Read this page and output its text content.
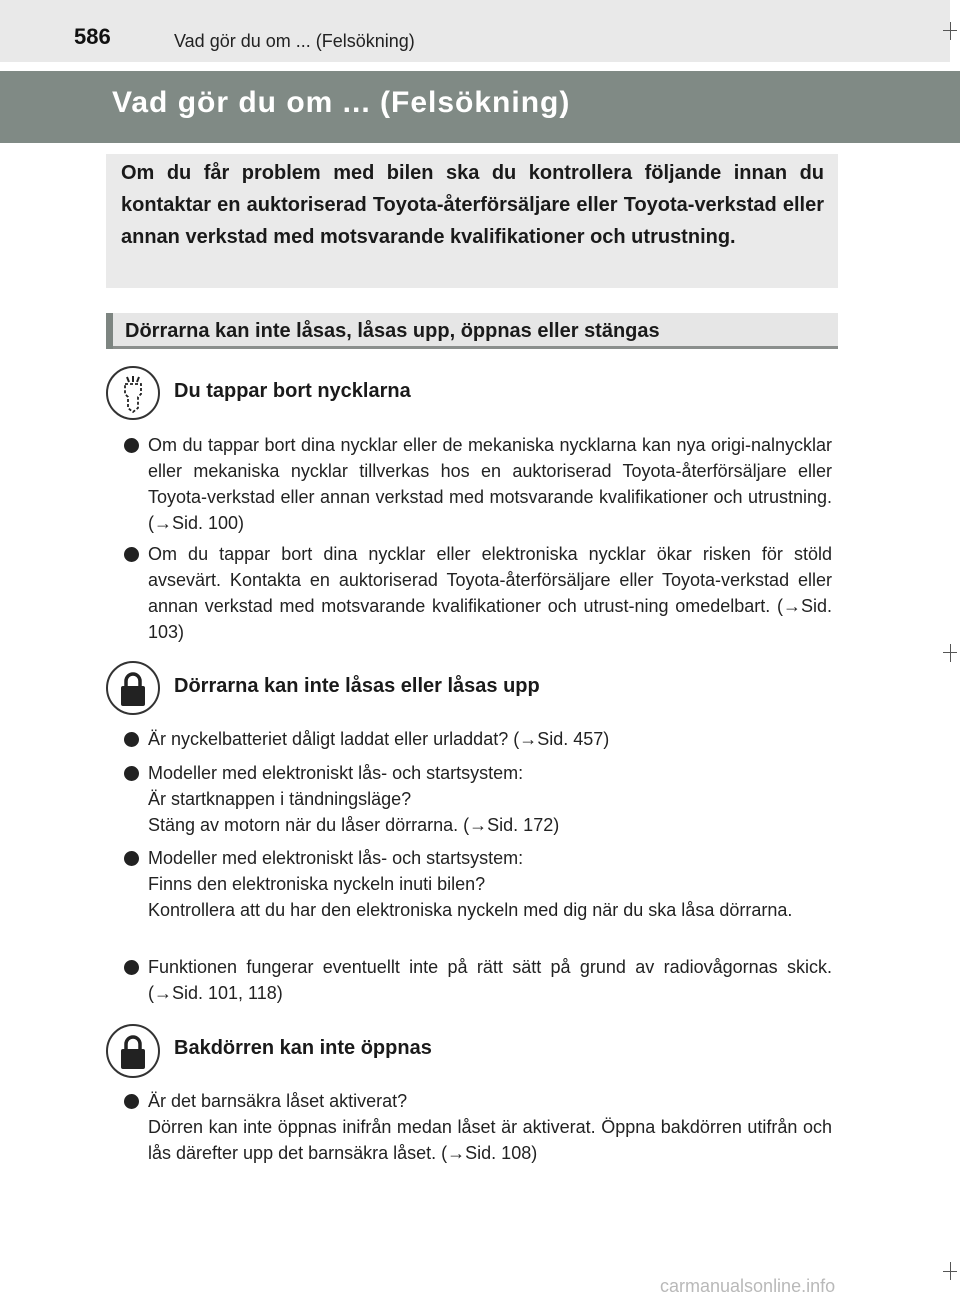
586	Vad gör du om ... (Felsökning)
Vad gör du om ... (Felsökning)

Om du får problem med bilen ska du kontrollera följande innan du kontaktar en auktoriserad Toyota-återförsäljare eller Toyota-verkstad eller annan verkstad med motsvarande kvalifikationer och utrustning.

Dörrarna kan inte låsas, låsas upp, öppnas eller stängas
Du tappar bort nycklarna
Om du tappar bort dina nycklar eller de mekaniska nycklarna kan nya origi-nalnycklar eller mekaniska nycklar tillverkas hos en auktoriserad Toyota-återförsäljare eller Toyota-verkstad eller annan verkstad med motsvarande kvalifikationer och utrustning. (→Sid. 100)
Om du tappar bort dina nycklar eller elektroniska nycklar ökar risken för stöld avsevärt. Kontakta en auktoriserad Toyota-återförsäljare eller Toyota-verkstad eller annan verkstad med motsvarande kvalifikationer och utrust-ning omedelbart. (→Sid. 103)
Dörrarna kan inte låsas eller låsas upp
Är nyckelbatteriet dåligt laddat eller urladdat? (→Sid. 457)
Modeller med elektroniskt lås- och startsystem:
Är startknappen i tändningsläge?
Stäng av motorn när du låser dörrarna. (→Sid. 172)
Modeller med elektroniskt lås- och startsystem:
Finns den elektroniska nyckeln inuti bilen?
Kontrollera att du har den elektroniska nyckeln med dig när du ska låsa dörrarna.
Funktionen fungerar eventuellt inte på rätt sätt på grund av radiovågornas skick. (→Sid. 101, 118)
Bakdörren kan inte öppnas
Är det barnsäkra låset aktiverat?
Dörren kan inte öppnas inifrån medan låset är aktiverat. Öppna bakdörren utifrån och lås därefter upp det barnsäkra låset. (→Sid. 108)
carmanualsonline.info
